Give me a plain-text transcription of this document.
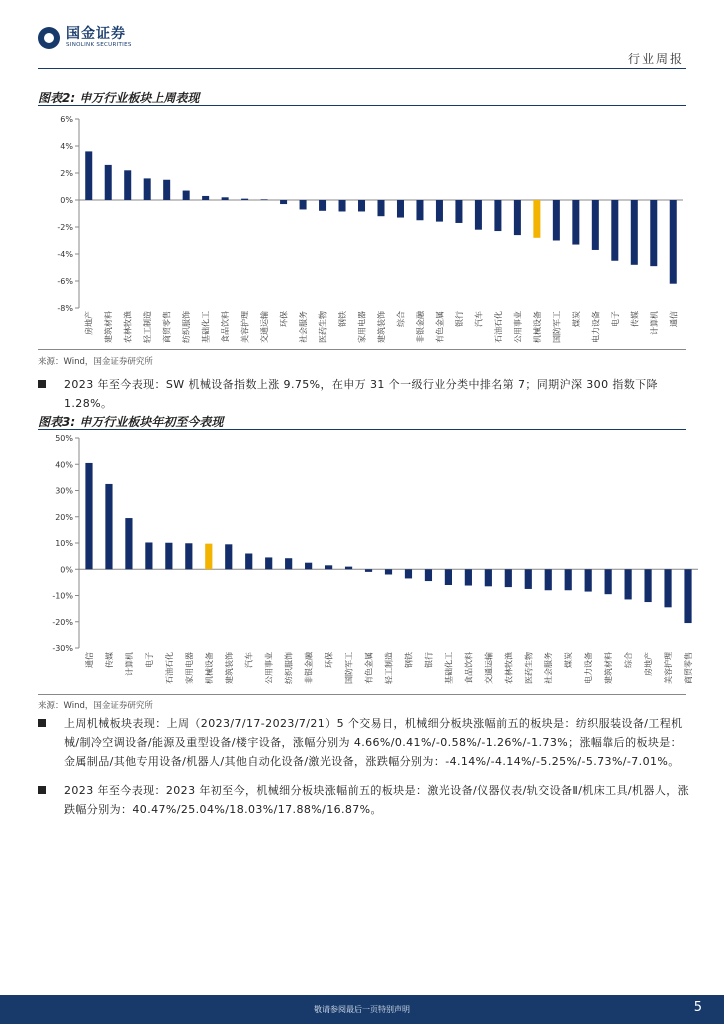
国金证券
SINOLINK SECURITIES
行业周报
图表2: 申万行业板块上周表现
6%
4%
2%
0%
-2%
-4%
-6%
-8%
房地产 建筑材料 农林牧渔 轻工制造 商贸零售 纺织服饰 基础化工 食品饮料 美容护理 交通运输 环保 社会服务 医药生物 钢铁 家用电器 建筑装饰 综合 非银金融 有色金属 银行 汽车 石油石化 公用事业 机械设备 国防军工 煤炭 电力设备 电子 传媒 计算机 通信
来源：Wind，国金证券研究所
2023 年至今表现：SW 机械设备指数上涨 9.75%，在申万 31 个一级行业分类中排名第 7；同期沪深 300 指数下降 1.28%。
图表3: 申万行业板块年初至今表现
50%
40%
30%
20%
10%
0%
-10%
-20%
-30%
通信 传媒 计算机 电子 石油石化 家用电器 机械设备 建筑装饰 汽车 公用事业 纺织服饰 非银金融 环保 国防军工 有色金属 轻工制造 钢铁 银行 基础化工 食品饮料 交通运输 农林牧渔 医药生物 社会服务 煤炭 电力设备 建筑材料 综合 房地产 美容护理 商贸零售
来源：Wind，国金证券研究所
上周机械板块表现：上周（2023/7/17-2023/7/21）5 个交易日，机械细分板块涨幅前五的板块是：纺织服装设备/工程机械/制冷空调设备/能源及重型设备/楼宇设备，涨幅分别为 4.66%/0.41%/-0.58%/-1.26%/-1.73%；涨幅靠后的板块是：金属制品/其他专用设备/机器人/其他自动化设备/激光设备，涨跌幅分别为：-4.14%/-4.14%/-5.25%/-5.73%/-7.01%。
2023 年至今表现：2023 年初至今，机械细分板块涨幅前五的板块是：激光设备/仪器仪表/轨交设备Ⅱ/机床工具/机器人，涨跌幅分别为：40.47%/25.04%/18.03%/17.88%/16.87%。
敬请参阅最后一页特别声明	5
